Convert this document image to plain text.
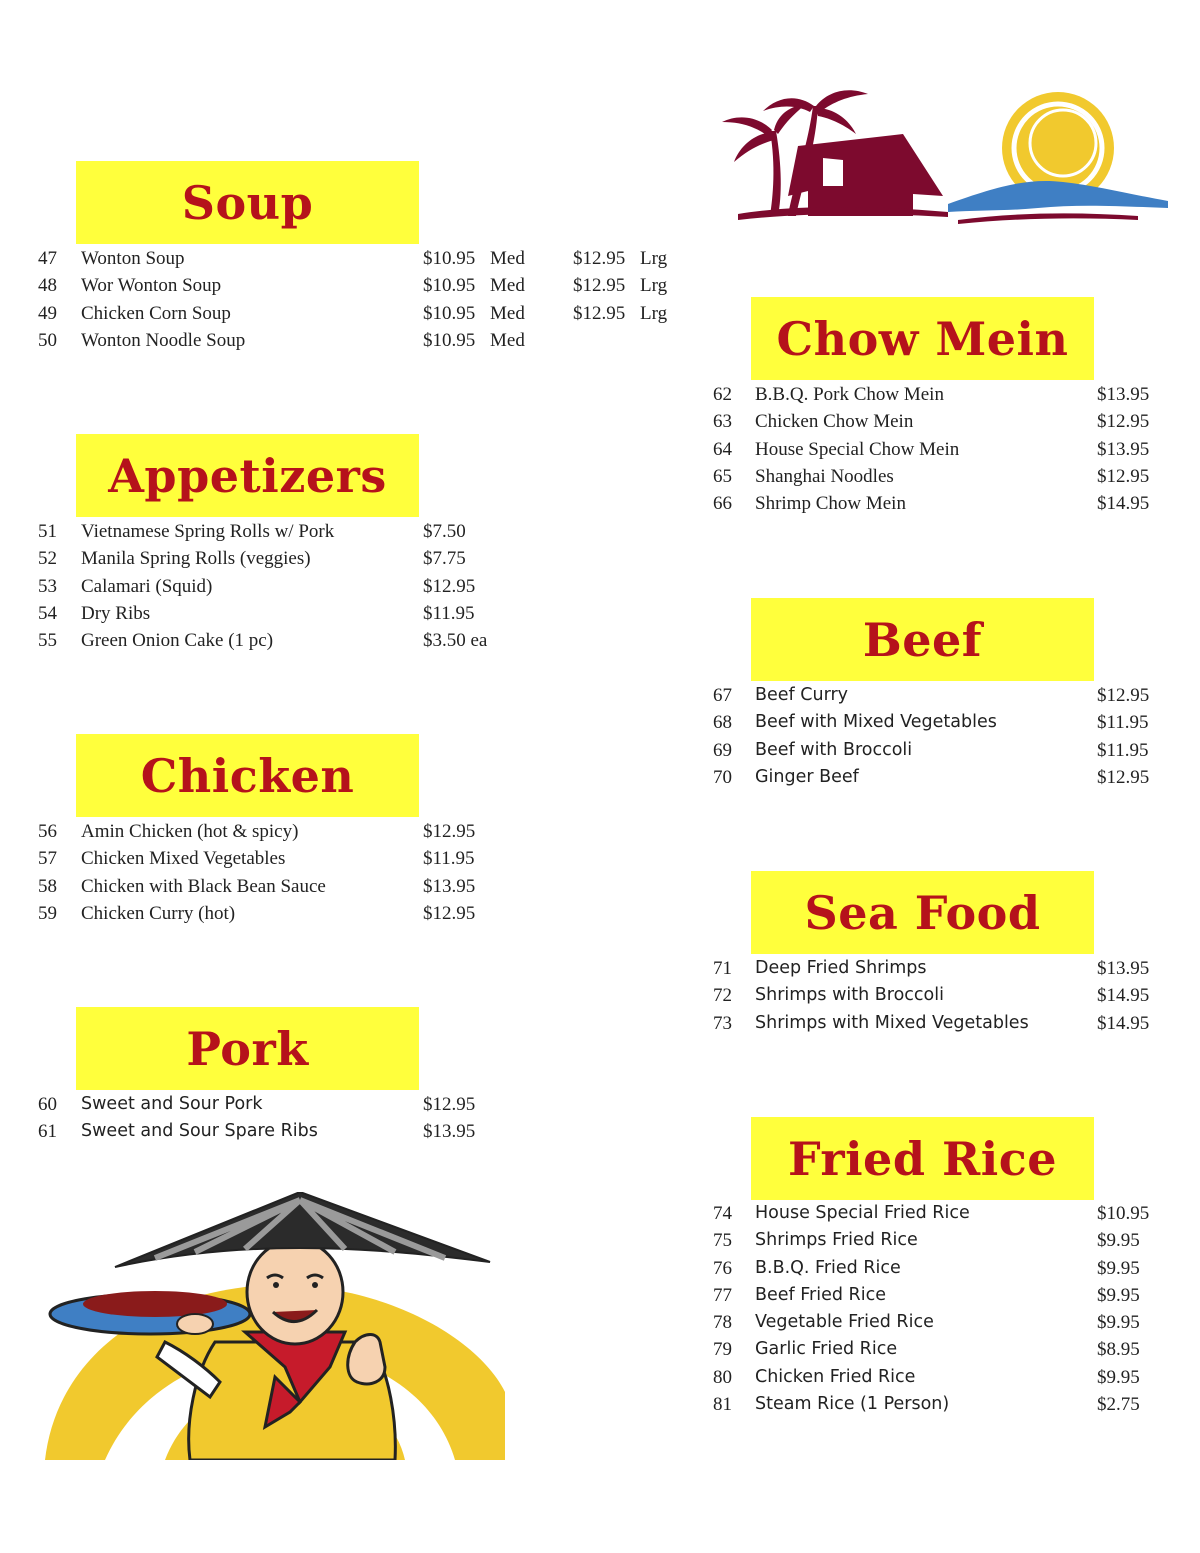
Soup
47 Wonton Soup	$10.95 Med	$12.95 Lrg
48 Wor Wonton Soup	$10.95 Med	$12.95 Lrg
49 Chicken Corn Soup	$10.95 Med	$12.95 Lrg
50 Wonton Noodle Soup	$10.95 Med
Appetizers
51 Vietnamese Spring Rolls w/ Pork	$7.50
52 Manila Spring Rolls (veggies)	$7.75
53 Calamari (Squid)	$12.95
54 Dry Ribs	$11.95
55 Green Onion Cake (1 pc)	$3.50 ea
Chicken
56 Amin Chicken (hot & spicy)	$12.95
57 Chicken Mixed Vegetables	$11.95
58 Chicken with Black Bean Sauce	$13.95
59 Chicken Curry (hot)	$12.95
Pork
60 Sweet and Sour Pork	$12.95
61 Sweet and Sour Spare Ribs	$13.95
Chow Mein
62 B.B.Q. Pork Chow Mein	$13.95
63 Chicken Chow Mein	$12.95
64 House Special Chow Mein	$13.95
65 Shanghai Noodles	$12.95
66 Shrimp Chow Mein	$14.95
Beef
67 Beef Curry	$12.95
68 Beef with Mixed Vegetables	$11.95
69 Beef with Broccoli	$11.95
70 Ginger Beef	$12.95
Sea Food
71 Deep Fried Shrimps	$13.95
72 Shrimps with Broccoli	$14.95
73 Shrimps with Mixed Vegetables	$14.95
Fried Rice
74 House Special Fried Rice	$10.95
75 Shrimps Fried Rice	$9.95
76 B.B.Q. Fried Rice	$9.95
77 Beef Fried Rice	$9.95
78 Vegetable Fried Rice	$9.95
79 Garlic Fried Rice	$8.95
80 Chicken Fried Rice	$9.95
81 Steam Rice (1 Person)	$2.75
